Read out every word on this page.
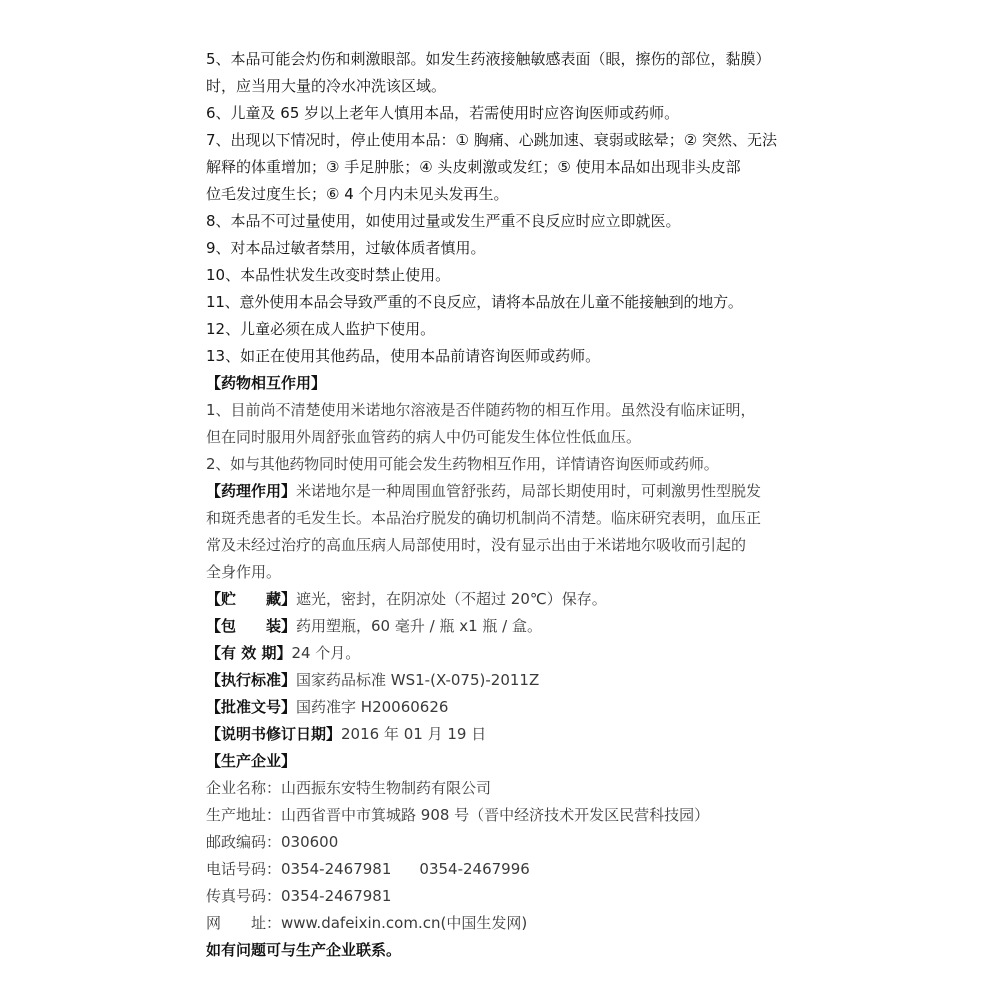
5、本品可能会灼伤和刺激眼部。如发生药液接触敏感表面（眼，擦伤的部位，黏膜）
时，应当用大量的冷水冲洗该区域。
6、儿童及 65 岁以上老年人慎用本品，若需使用时应咨询医师或药师。
7、出现以下情况时，停止使用本品：① 胸痛、心跳加速、衰弱或眩晕；② 突然、无法
解释的体重增加；③ 手足肿胀；④ 头皮刺激或发红；⑤ 使用本品如出现非头皮部
位毛发过度生长；⑥ 4 个月内未见头发再生。
8、本品不可过量使用，如使用过量或发生严重不良反应时应立即就医。
9、对本品过敏者禁用，过敏体质者慎用。
10、本品性状发生改变时禁止使用。
11、意外使用本品会导致严重的不良反应，请将本品放在儿童不能接触到的地方。
12、儿童必须在成人监护下使用。
13、如正在使用其他药品，使用本品前请咨询医师或药师。
【药物相互作用】
1、目前尚不清楚使用米诺地尔溶液是否伴随药物的相互作用。虽然没有临床证明，
但在同时服用外周舒张血管药的病人中仍可能发生体位性低血压。
2、如与其他药物同时使用可能会发生药物相互作用，详情请咨询医师或药师。
【药理作用】米诺地尔是一种周围血管舒张药，局部长期使用时，可刺激男性型脱发
和斑秃患者的毛发生长。本品治疗脱发的确切机制尚不清楚。临床研究表明，血压正
常及未经过治疗的高血压病人局部使用时，没有显示出由于米诺地尔吸收而引起的
全身作用。
【贮　　藏】遮光，密封，在阴凉处（不超过 20℃）保存。
【包　　装】药用塑瓶，60 毫升 / 瓶 x1 瓶 / 盒。
【有 效 期】24 个月。
【执行标准】国家药品标准 WS1-(X-075)-2011Z
【批准文号】国药准字 H20060626
【说明书修订日期】2016 年 01 月 19 日
【生产企业】
企业名称：山西振东安特生物制药有限公司
生产地址：山西省晋中市箕城路 908 号（晋中经济技术开发区民营科技园）
邮政编码：030600
电话号码：0354-2467981 0354-2467996
传真号码：0354-2467981
网　　址：www.dafeixin.com.cn(中国生发网)
如有问题可与生产企业联系。
